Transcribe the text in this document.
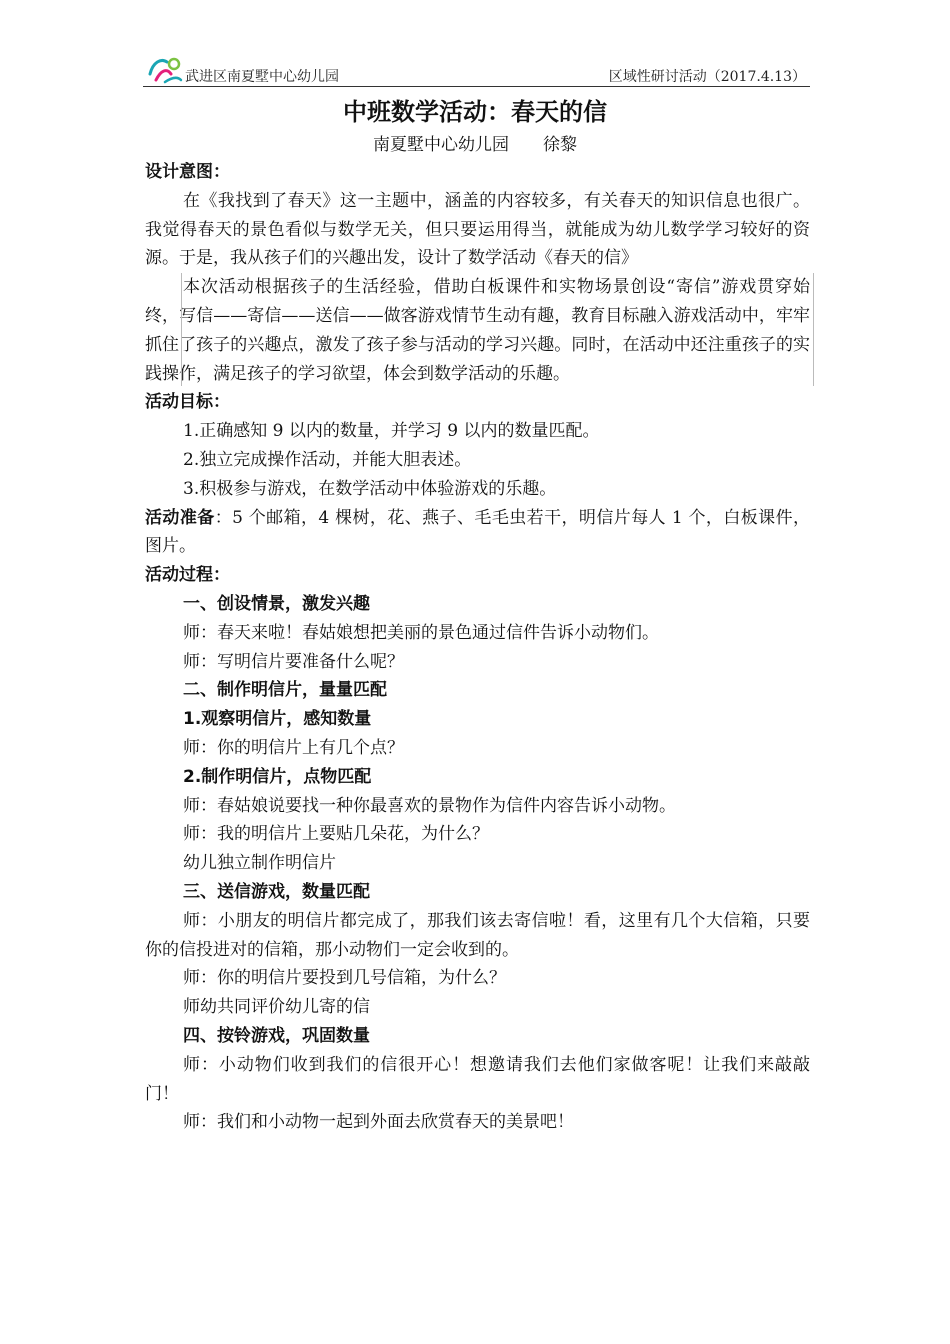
武进区南夏墅中心幼儿园	区域性研讨活动（2017.4.13）
中班数学活动：春天的信
南夏墅中心幼儿园 徐黎

设计意图：

在《我找到了春天》这一主题中，涵盖的内容较多，有关春天的知识信息也很广。我觉得春天的景色看似与数学无关，但只要运用得当，就能成为幼儿数学学习较好的资源。于是，我从孩子们的兴趣出发，设计了数学活动《春天的信》

本次活动根据孩子的生活经验，借助白板课件和实物场景创设“寄信”游戏贯穿始终，写信——寄信——送信——做客游戏情节生动有趣，教育目标融入游戏活动中，牢牢抓住了孩子的兴趣点，激发了孩子参与活动的学习兴趣。同时，在活动中还注重孩子的实践操作，满足孩子的学习欲望，体会到数学活动的乐趣。

活动目标：

1.正确感知 9 以内的数量，并学习 9 以内的数量匹配。

2.独立完成操作活动，并能大胆表述。

3.积极参与游戏，在数学活动中体验游戏的乐趣。

活动准备：5 个邮箱，4 棵树，花、燕子、毛毛虫若干，明信片每人 1 个，白板课件，图片。

活动过程：

一、创设情景，激发兴趣

师：春天来啦！春姑娘想把美丽的景色通过信件告诉小动物们。

师：写明信片要准备什么呢？

二、制作明信片，量量匹配

1.观察明信片，感知数量

师：你的明信片上有几个点？

2.制作明信片，点物匹配

师：春姑娘说要找一种你最喜欢的景物作为信件内容告诉小动物。

师：我的明信片上要贴几朵花，为什么？

幼儿独立制作明信片

三、送信游戏，数量匹配

师：小朋友的明信片都完成了，那我们该去寄信啦！看，这里有几个大信箱，只要你的信投进对的信箱，那小动物们一定会收到的。

师：你的明信片要投到几号信箱，为什么？

师幼共同评价幼儿寄的信

四、按铃游戏，巩固数量

师：小动物们收到我们的信很开心！想邀请我们去他们家做客呢！让我们来敲敲门！

师：我们和小动物一起到外面去欣赏春天的美景吧！
